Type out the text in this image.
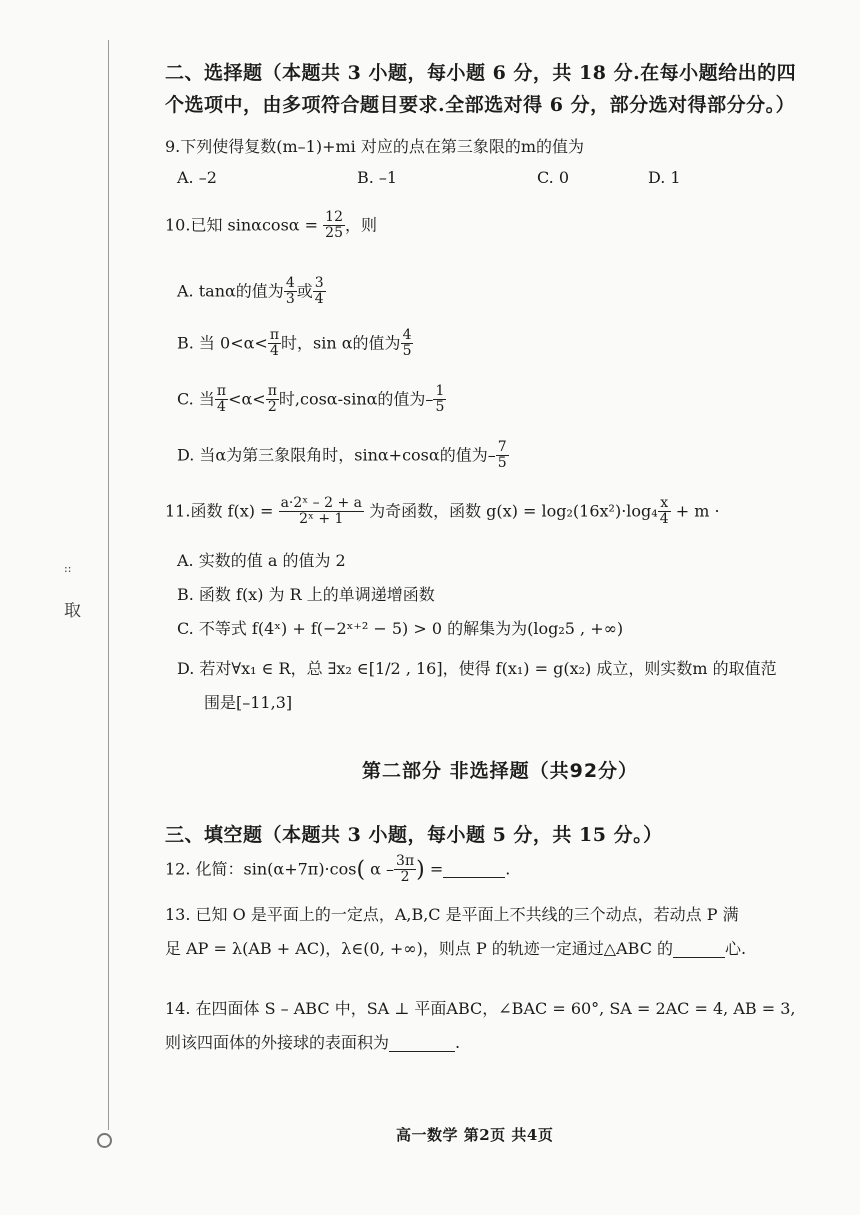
::
取
二、选择题（本题共 3 小题，每小题 6 分，共 18 分.在每小题给出的四
个选项中，由多项符合题目要求.全部选对得 6 分，部分选对得部分分。）
9.下列使得复数(m–1)+mi 对应的点在第三象限的m的值为
A. –2	B. –1	C. 0	D. 1
10.已知 $\sin\alpha\cos\alpha = \frac{12}{25}$ ，则
A. tanα的值为 $\frac{4}{3}$ 或 $\frac{3}{4}$
B. 当 $0<\alpha< \frac{\pi}{4}$ 时，sin α的值为 $\frac{4}{5}$
C. 当 $\frac{\pi}{4} <\alpha< \frac{\pi}{2}$ 时,cosα-sinα的值为– $\frac{1}{5}$
D. 当α为第三象限角时，sinα+cosα的值为– $\frac{7}{5}$
11.函数 $f(x) = \frac{\text{a·2ˣ – 2 + a}}{\text{2ˣ + 1}}$ 为奇函数，函数 $g(x) = \log_2(16x^2)\cdot\log_4 \frac{x}{4} + m$ ·
A. 实数的值 a 的值为 2
B. 函数 f(x) 为 R 上的单调递增函数
C. 不等式 f(4ˣ) + f(−2ˣ⁺² − 5) > 0 的解集为为(log₂5 , +∞)
D. 若对∀x₁ ∈ R，总 ∃x₂ ∈[1/2 , 16]，使得 f(x₁) = g(x₂) 成立，则实数m 的取值范
围是[–11,3]
第二部分 非选择题（共92分）
三、填空题（本题共 3 小题，每小题 5 分，共 15 分。）
12. 化简：sin(α+7π)·cos( α – $\frac{3\pi}{2}$ ) =	.
13. 已知 O 是平面上的一定点，A,B,C 是平面上不共线的三个动点，若动点 P 满
足 AP = λ(AB + AC)，λ∈(0, +∞)，则点 P 的轨迹一定通过△ABC 的	心.
14. 在四面体 S – ABC 中，SA ⊥ 平面ABC，∠BAC = 60°, SA = 2AC = 4, AB = 3,
则该四面体的外接球的表面积为	.
高一数学 第2页 共4页
